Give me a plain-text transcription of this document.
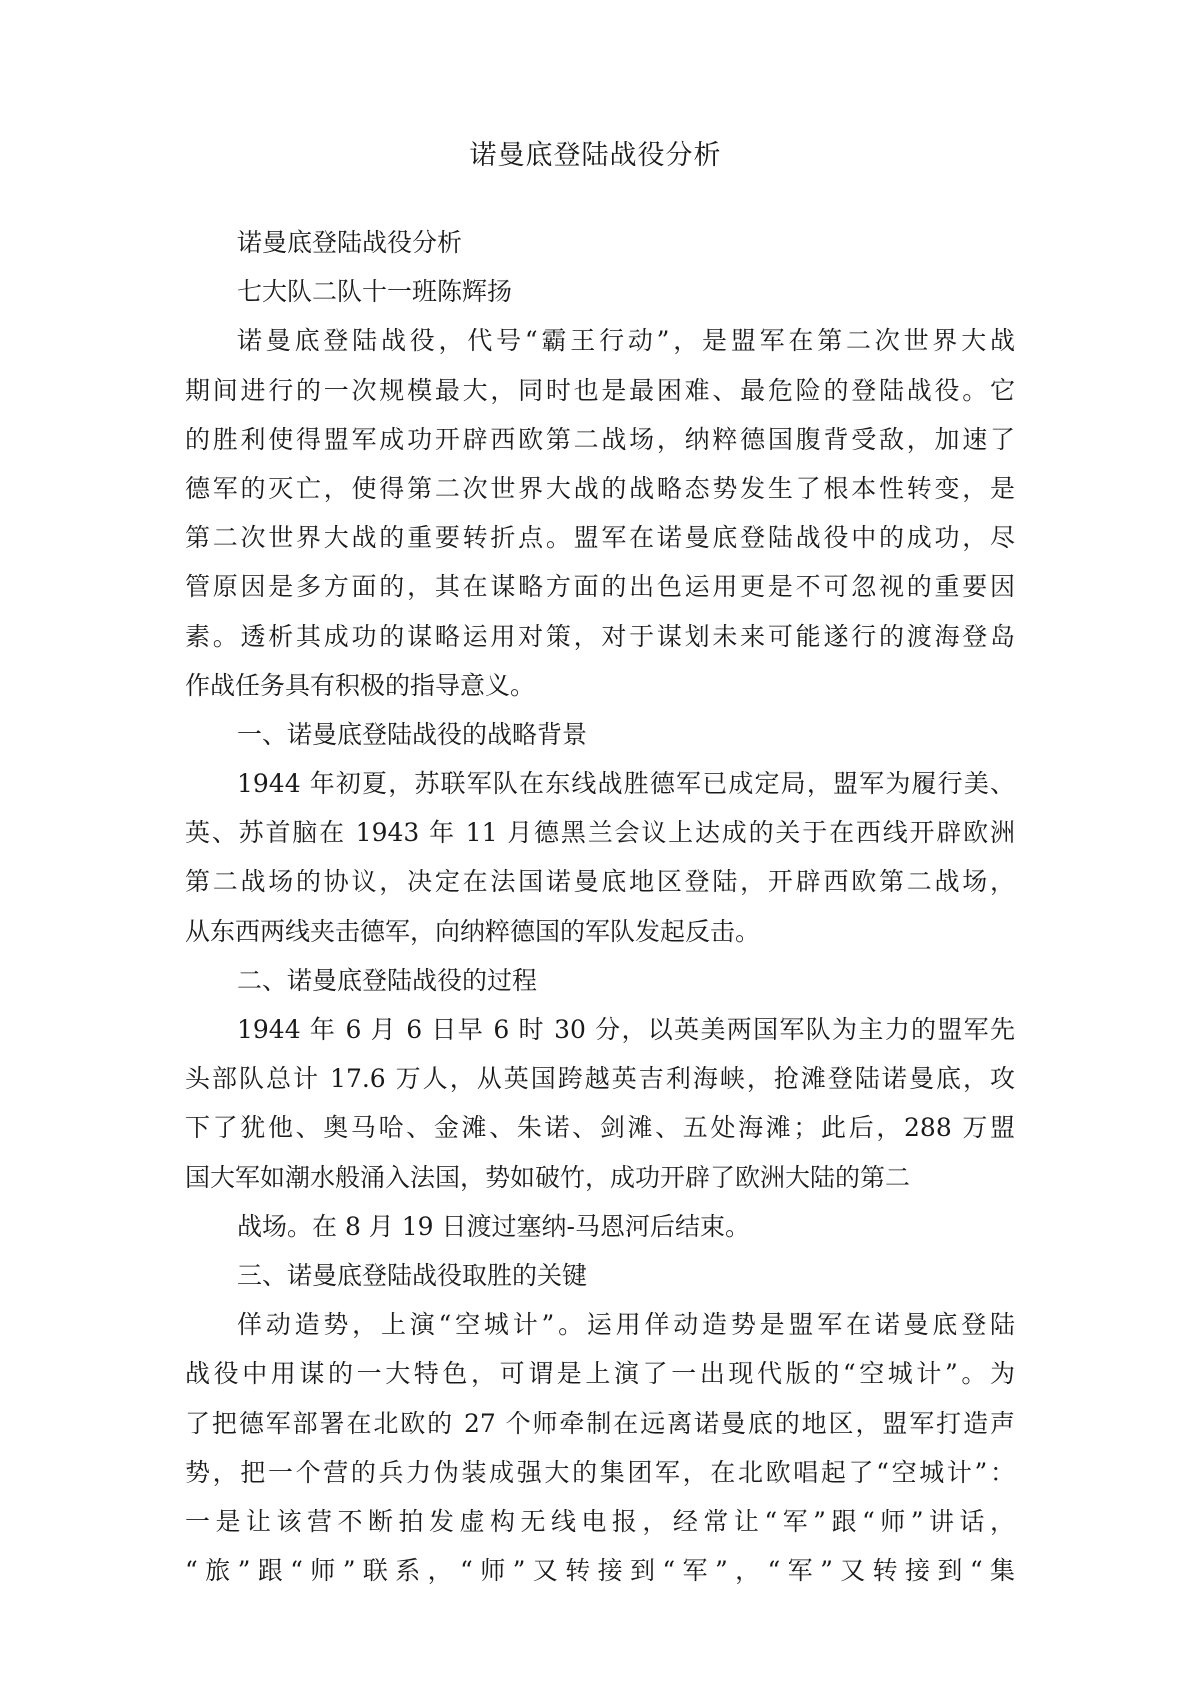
诺曼底登陆战役分析
诺曼底登陆战役分析
七大队二队十一班陈辉扬
诺曼底登陆战役，代号“霸王行动”，是盟军在第二次世界大战
期间进行的一次规模最大，同时也是最困难、最危险的登陆战役。它
的胜利使得盟军成功开辟西欧第二战场，纳粹德国腹背受敌，加速了
德军的灭亡，使得第二次世界大战的战略态势发生了根本性转变，是
第二次世界大战的重要转折点。盟军在诺曼底登陆战役中的成功，尽
管原因是多方面的，其在谋略方面的出色运用更是不可忽视的重要因
素。透析其成功的谋略运用对策，对于谋划未来可能遂行的渡海登岛
作战任务具有积极的指导意义。
一、诺曼底登陆战役的战略背景
1944 年初夏，苏联军队在东线战胜德军已成定局，盟军为履行美、
英、苏首脑在 1943 年 11 月德黑兰会议上达成的关于在西线开辟欧洲
第二战场的协议，决定在法国诺曼底地区登陆，开辟西欧第二战场，
从东西两线夹击德军，向纳粹德国的军队发起反击。
二、诺曼底登陆战役的过程
1944 年 6 月 6 日早 6 时 30 分，以英美两国军队为主力的盟军先
头部队总计 17.6 万人，从英国跨越英吉利海峡，抢滩登陆诺曼底，攻
下了犹他、奥马哈、金滩、朱诺、剑滩、五处海滩；此后，288 万盟
国大军如潮水般涌入法国，势如破竹，成功开辟了欧洲大陆的第二
战场。在 8 月 19 日渡过塞纳-马恩河后结束。
三、诺曼底登陆战役取胜的关键
佯动造势，上演“空城计”。运用佯动造势是盟军在诺曼底登陆
战役中用谋的一大特色，可谓是上演了一出现代版的“空城计”。为
了把德军部署在北欧的 27 个师牵制在远离诺曼底的地区，盟军打造声
势，把一个营的兵力伪装成强大的集团军，在北欧唱起了“空城计”：
一是让该营不断拍发虚构无线电报，经常让“军”跟“师”讲话，
“旅”跟“师”联系，“师”又转接到“军”，“军”又转接到“集
